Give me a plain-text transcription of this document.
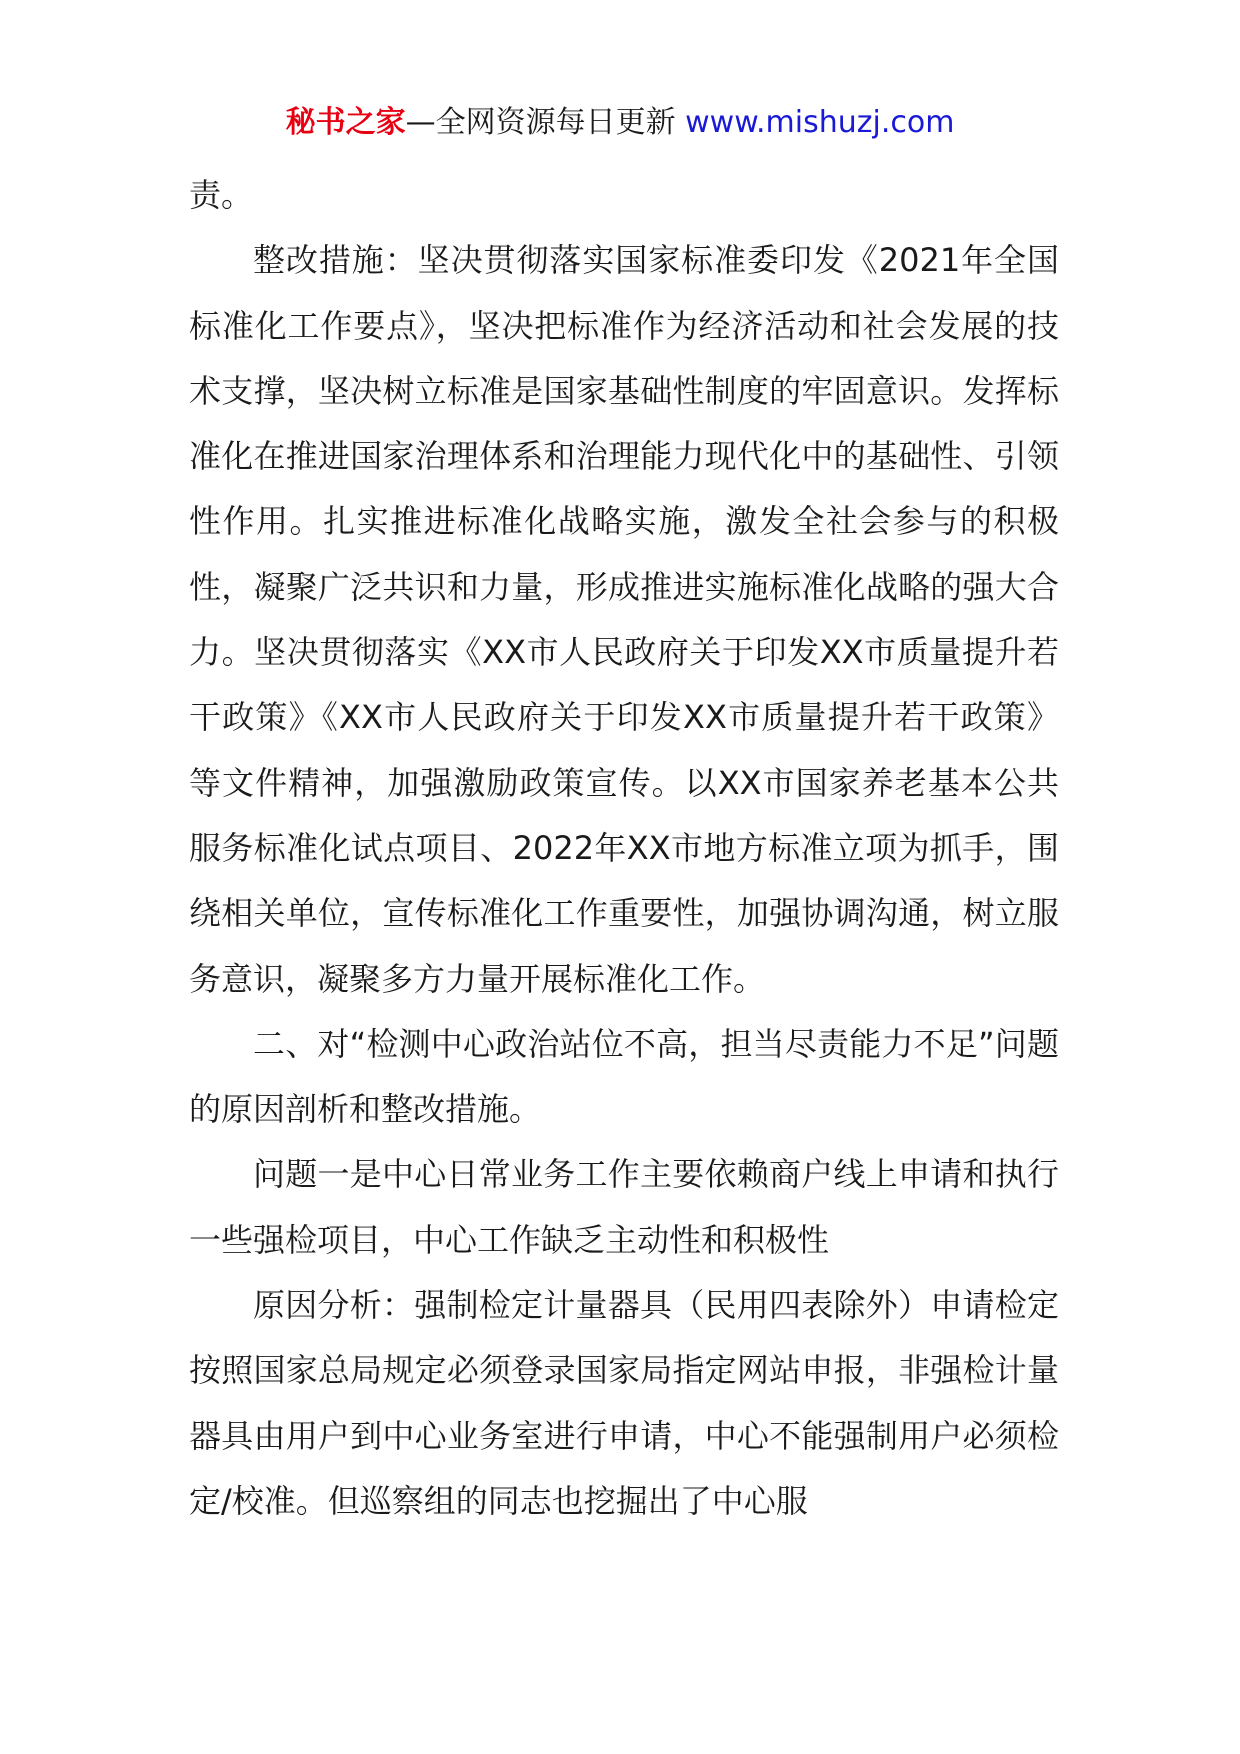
秘书之家—全网资源每日更新 www.mishuzj.com

责。

整改措施：坚决贯彻落实国家标准委印发《2021年全国标准化工作要点》，坚决把标准作为经济活动和社会发展的技术支撑，坚决树立标准是国家基础性制度的牢固意识。发挥标准化在推进国家治理体系和治理能力现代化中的基础性、引领性作用。扎实推进标准化战略实施，激发全社会参与的积极性，凝聚广泛共识和力量，形成推进实施标准化战略的强大合力。坚决贯彻落实《XX市人民政府关于印发XX市质量提升若干政策》《XX市人民政府关于印发XX市质量提升若干政策》等文件精神，加强激励政策宣传。以XX市国家养老基本公共服务标准化试点项目、2022年XX市地方标准立项为抓手，围绕相关单位，宣传标准化工作重要性，加强协调沟通，树立服务意识，凝聚多方力量开展标准化工作。

二、对“检测中心政治站位不高，担当尽责能力不足”问题的原因剖析和整改措施。

问题一是中心日常业务工作主要依赖商户线上申请和执行一些强检项目，中心工作缺乏主动性和积极性

原因分析：强制检定计量器具（民用四表除外）申请检定按照国家总局规定必须登录国家局指定网站申报，非强检计量器具由用户到中心业务室进行申请，中心不能强制用户必须检定/校准。但巡察组的同志也挖掘出了中心服
